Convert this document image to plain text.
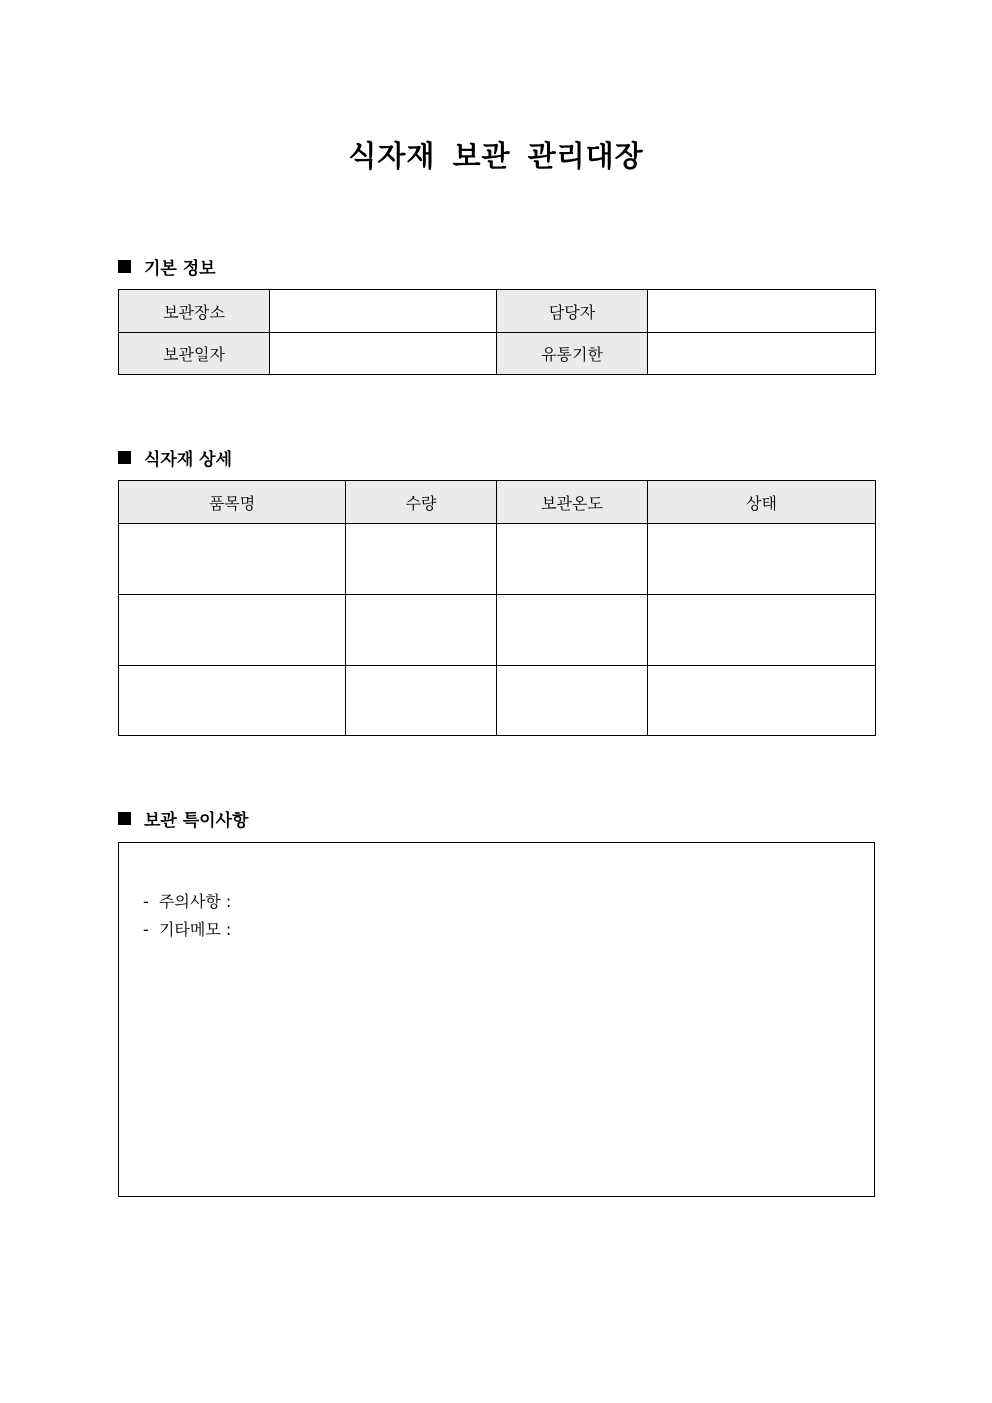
식자재 보관 관리대장
기본 정보
보관장소		담당자	
보관일자		유통기한	
식자재 상세
품목명	수량	보관온도	상태

보관 특이사항
-  주의사항 :
-  기타메모 :
